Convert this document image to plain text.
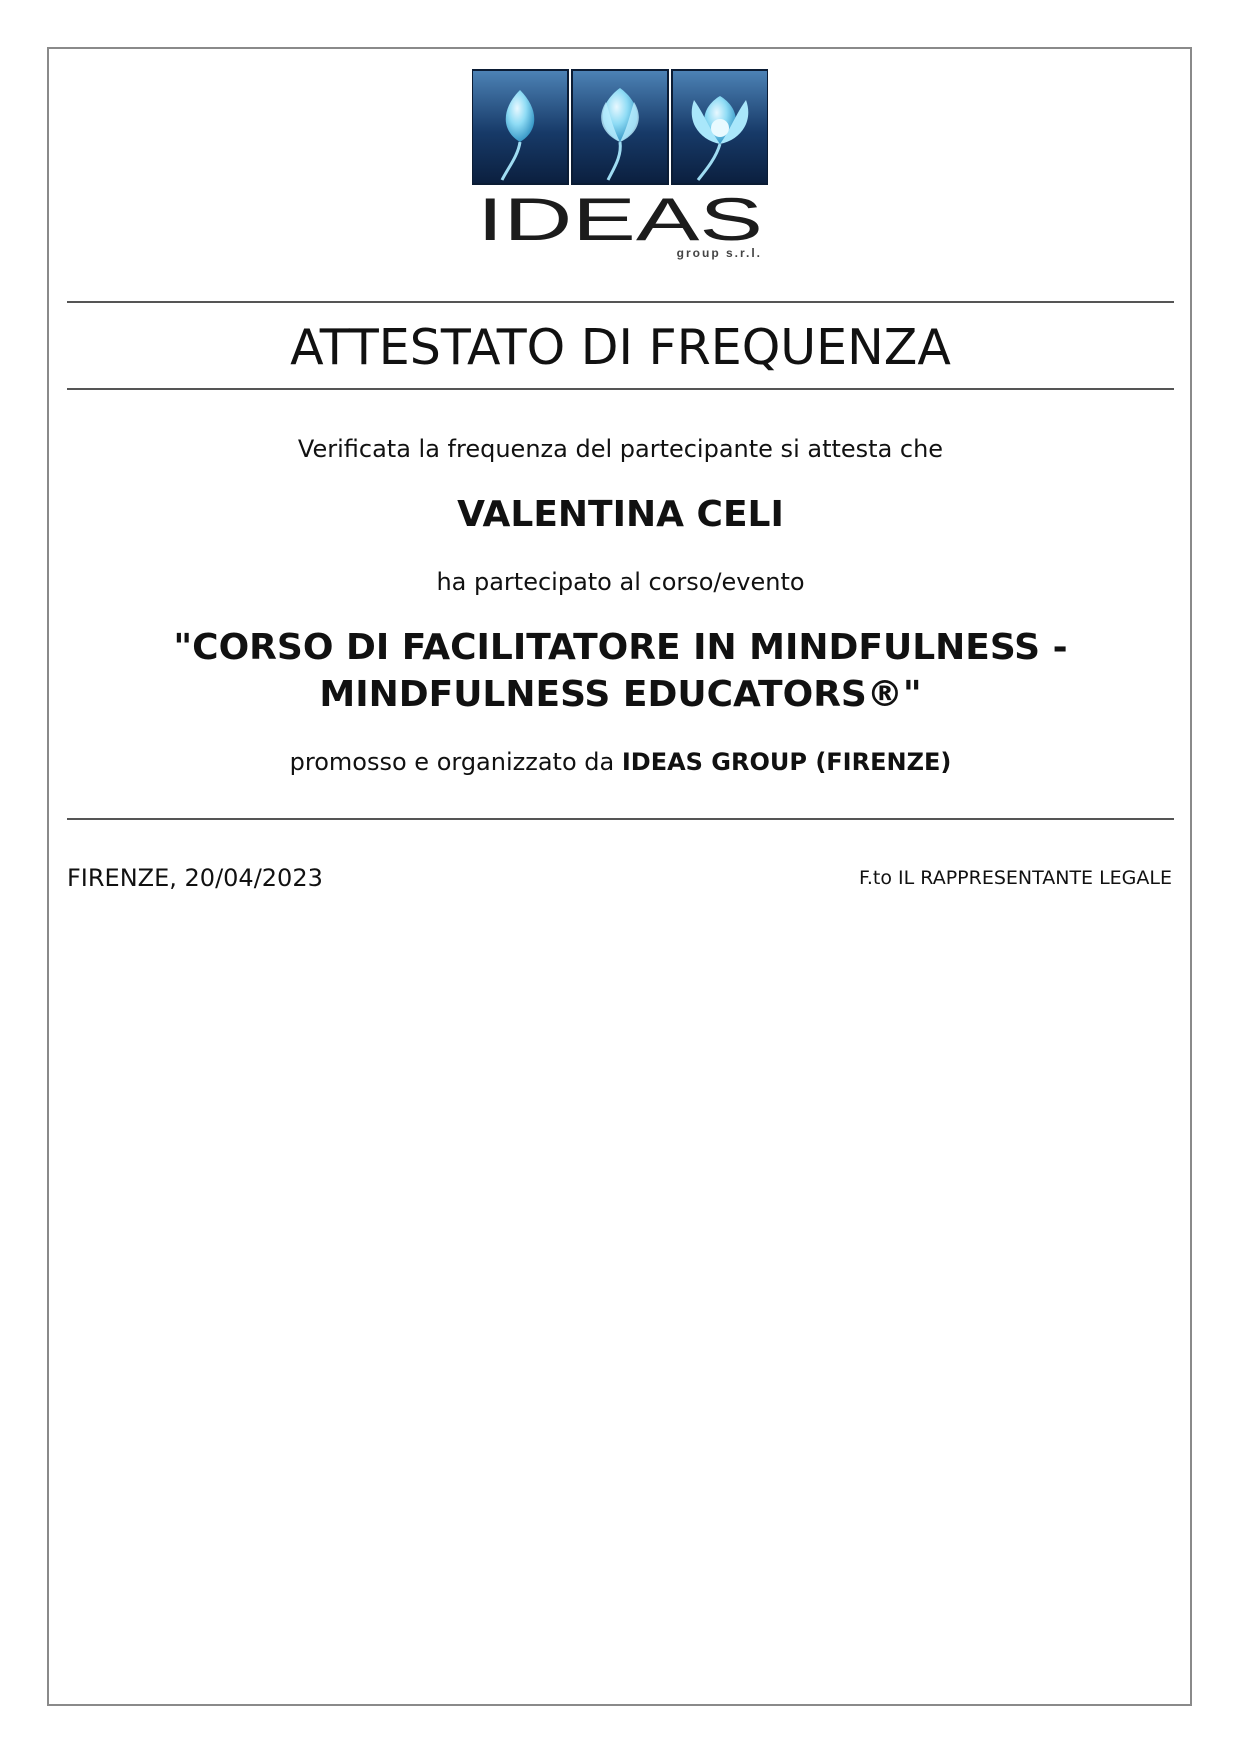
IDEAS
group s.r.l.
ATTESTATO DI FREQUENZA
Verificata la frequenza del partecipante si attesta che
VALENTINA CELI
ha partecipato al corso/evento
"CORSO DI FACILITATORE IN MINDFULNESS -
MINDFULNESS EDUCATORS®"
promosso e organizzato da IDEAS GROUP (FIRENZE)
FIRENZE, 20/04/2023	F.to IL RAPPRESENTANTE LEGALE
